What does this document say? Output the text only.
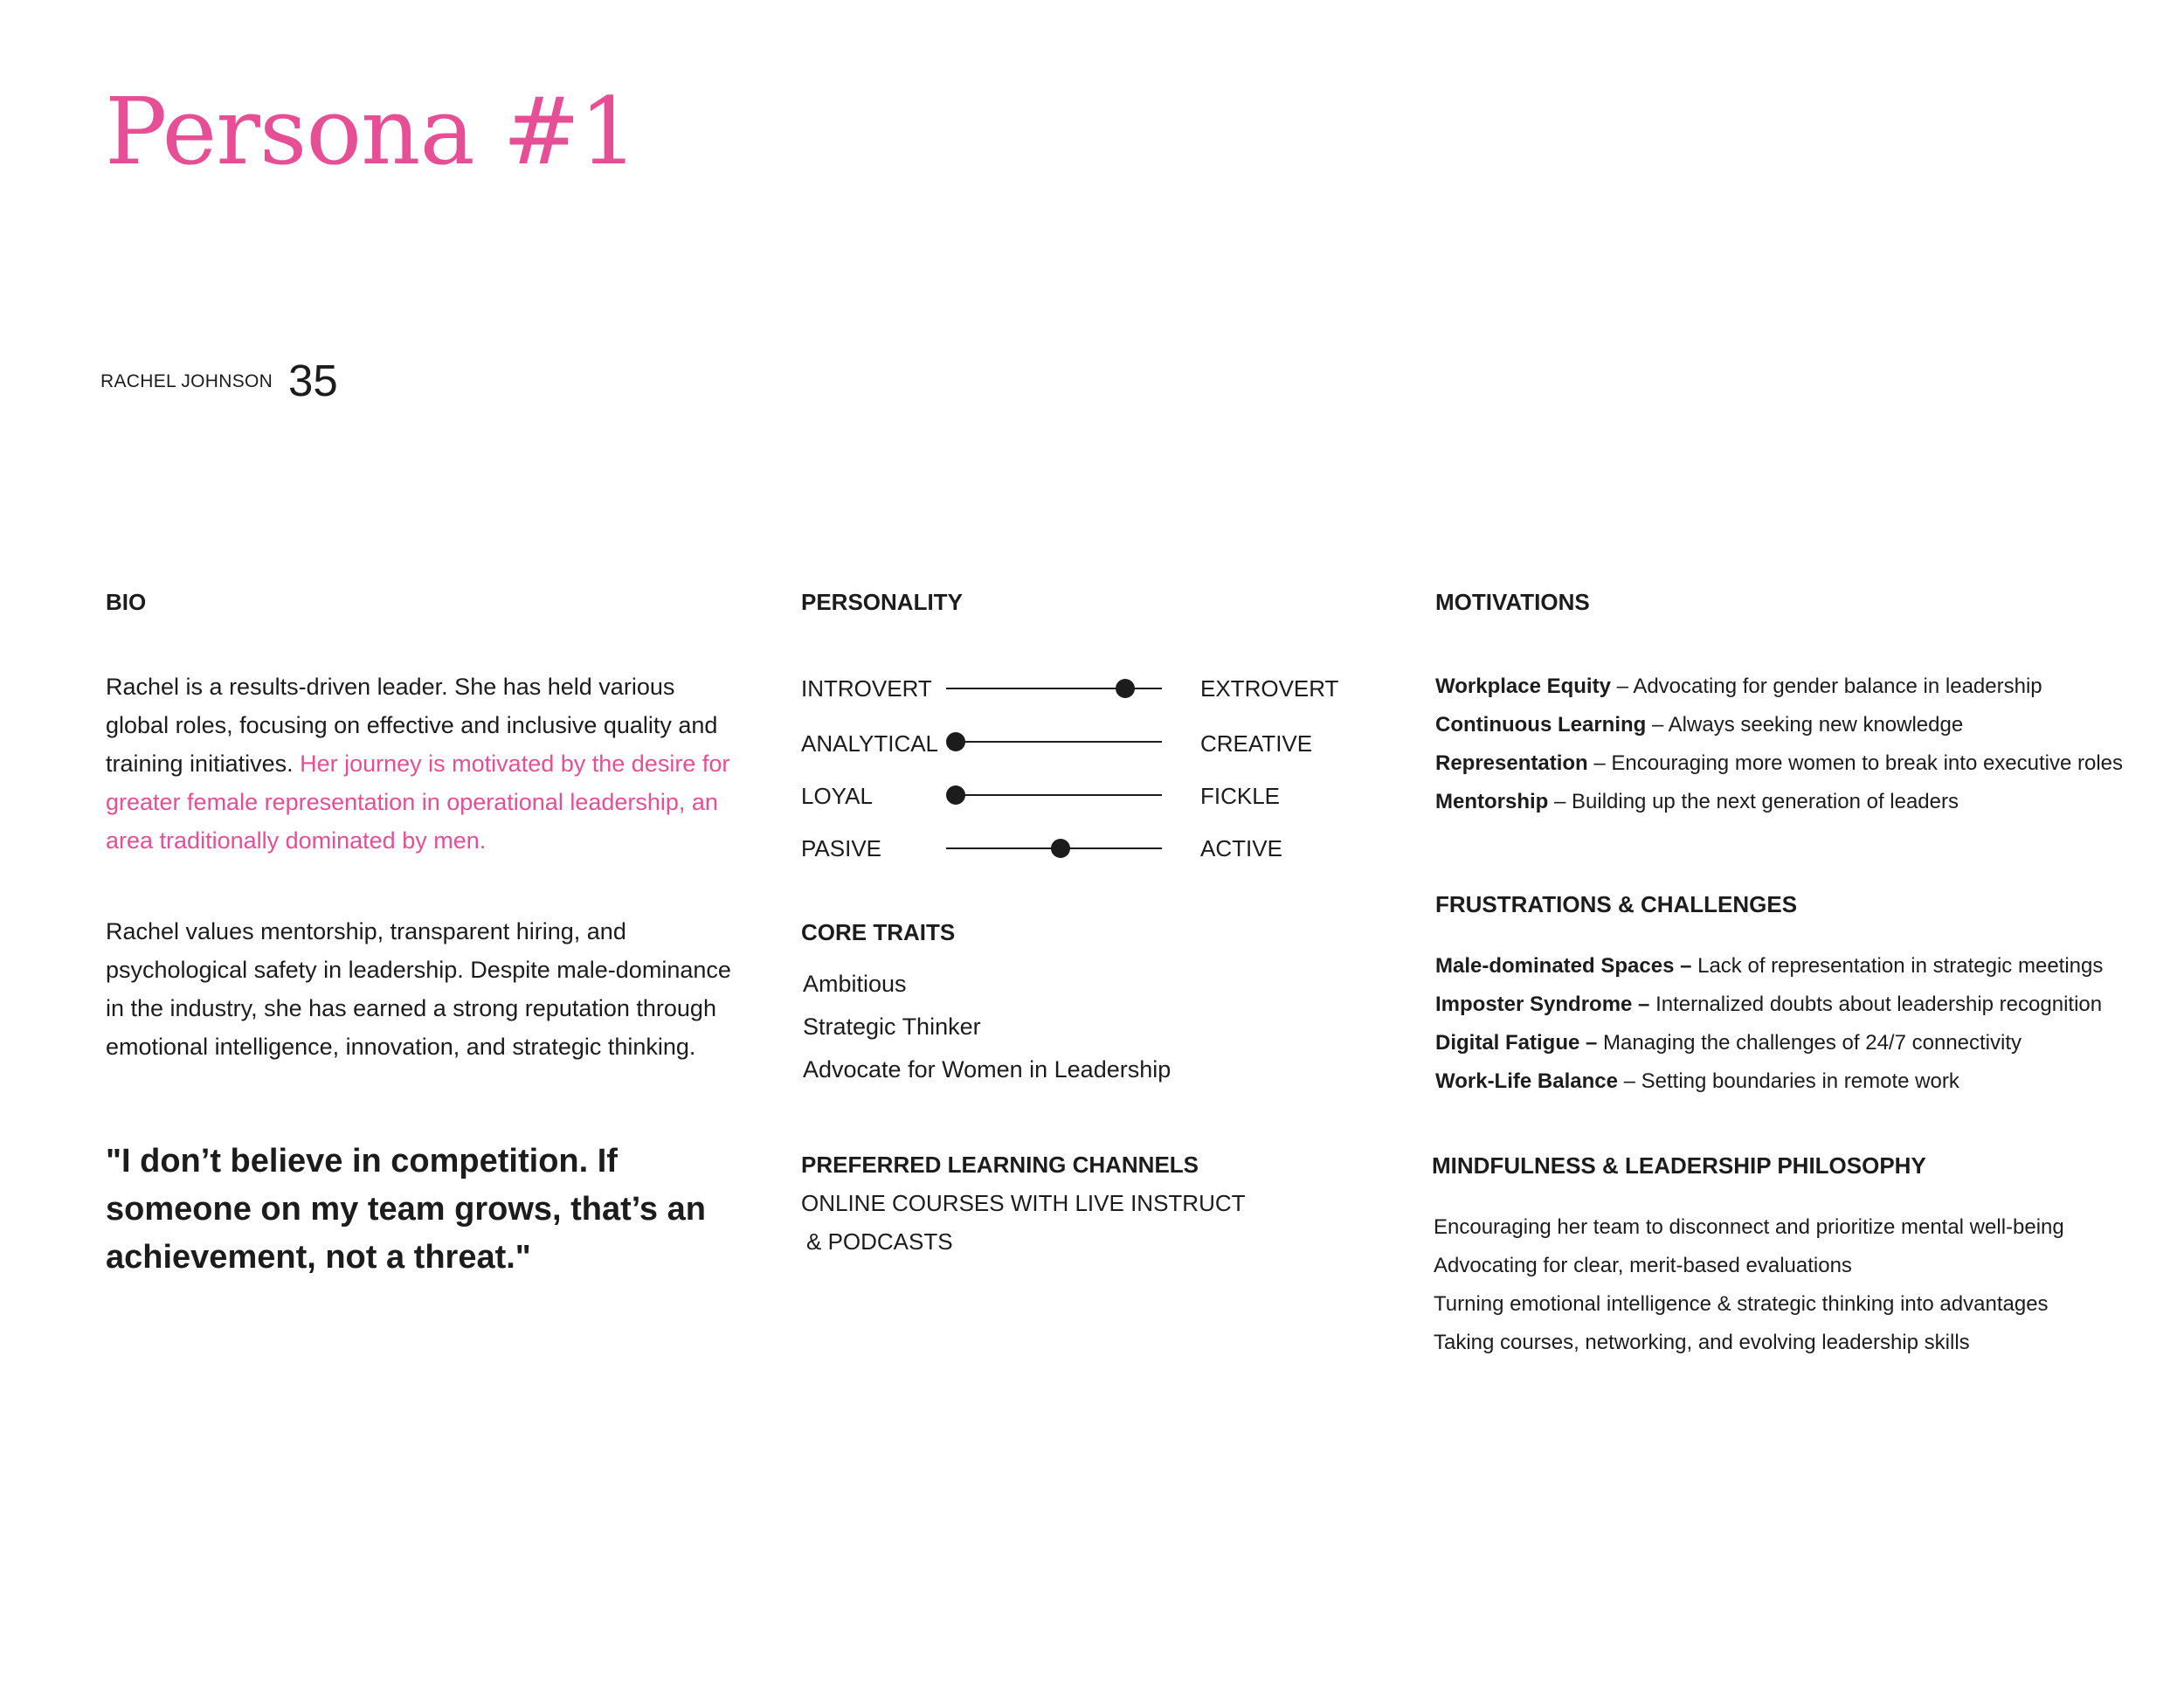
Persona #1
RACHEL JOHNSON 35
BIO
Rachel is a results-driven leader. She has held various global roles, focusing on effective and inclusive quality and training initiatives. Her journey is motivated by the desire for greater female representation in operational leadership, an area traditionally dominated by men.
Rachel values mentorship, transparent hiring, and psychological safety in leadership. Despite male-dominance in the industry, she has earned a strong reputation through emotional intelligence, innovation, and strategic thinking.
"I don’t believe in competition. If someone on my team grows, that’s an achievement, not a threat."
PERSONALITY
INTROVERT	EXTROVERT
ANALYTICAL	CREATIVE
LOYAL	FICKLE
PASIVE	ACTIVE
CORE TRAITS
Ambitious
Strategic Thinker
Advocate for Women in Leadership
PREFERRED LEARNING CHANNELS
ONLINE COURSES WITH LIVE INSTRUCT
& PODCASTS
MOTIVATIONS
Workplace Equity – Advocating for gender balance in leadership
Continuous Learning – Always seeking new knowledge
Representation – Encouraging more women to break into executive roles
Mentorship – Building up the next generation of leaders
FRUSTRATIONS & CHALLENGES
Male-dominated Spaces – Lack of representation in strategic meetings
Imposter Syndrome – Internalized doubts about leadership recognition
Digital Fatigue – Managing the challenges of 24/7 connectivity
Work-Life Balance – Setting boundaries in remote work
MINDFULNESS & LEADERSHIP PHILOSOPHY
Encouraging her team to disconnect and prioritize mental well-being
Advocating for clear, merit-based evaluations
Turning emotional intelligence & strategic thinking into advantages
Taking courses, networking, and evolving leadership skills
